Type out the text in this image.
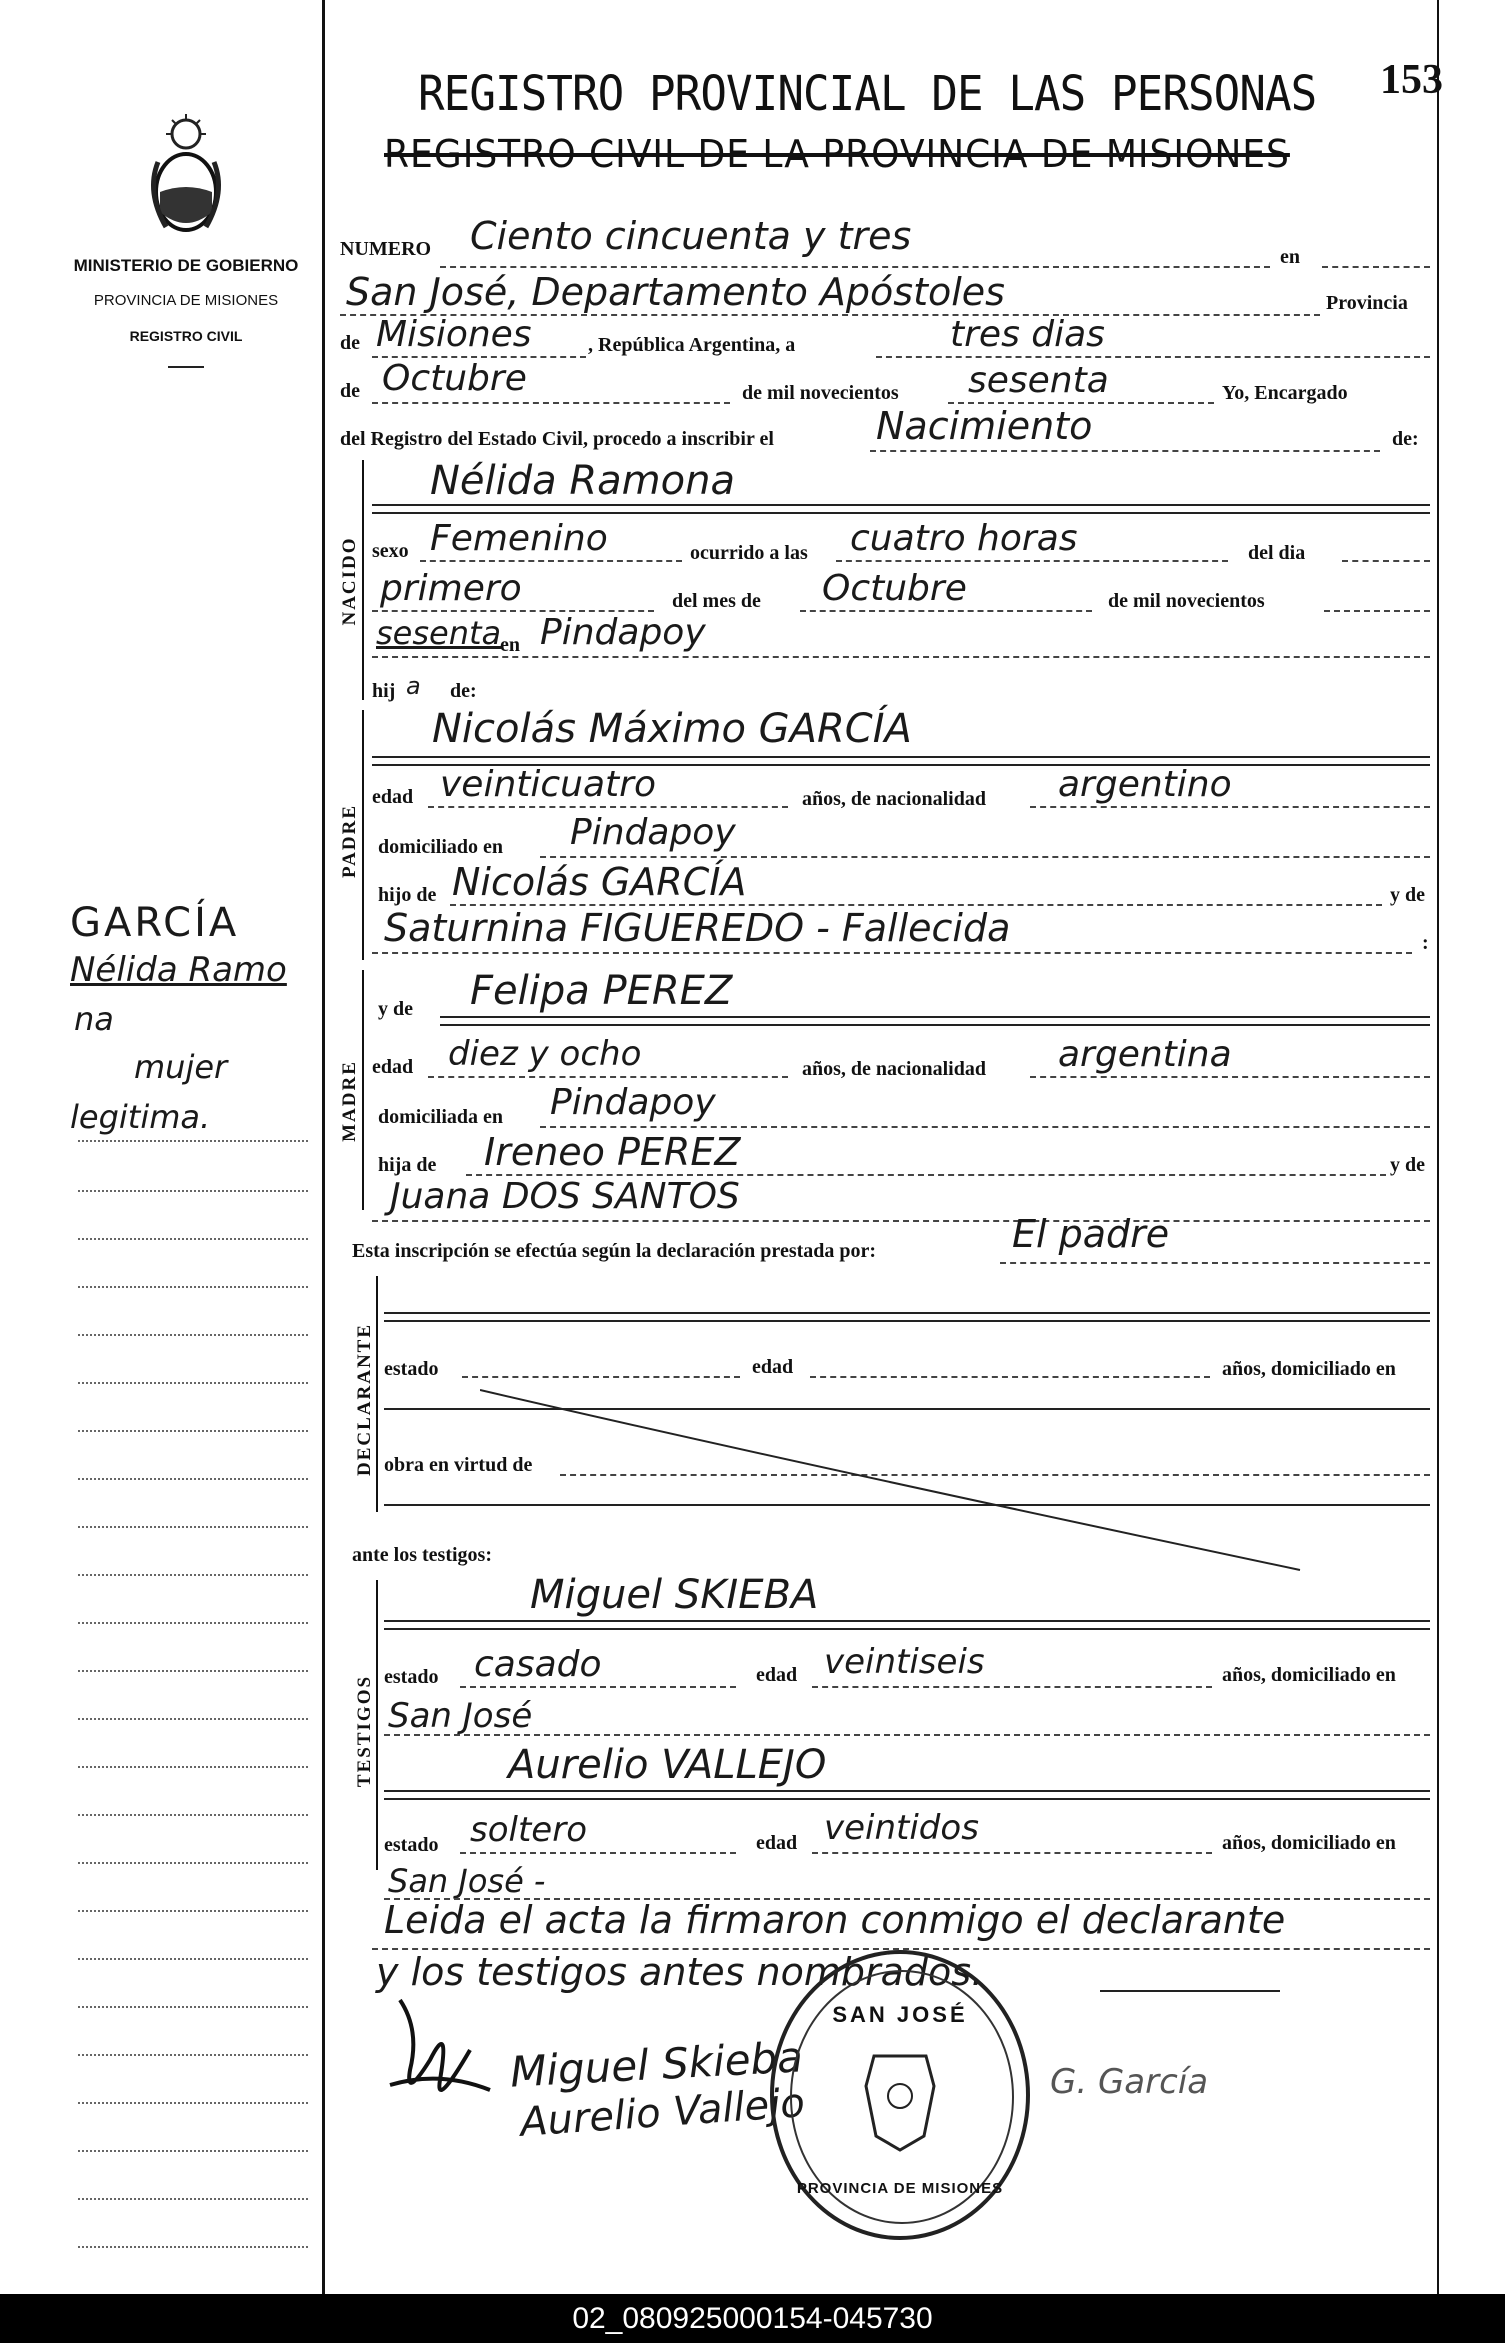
MINISTERIO DE GOBIERNO
PROVINCIA DE MISIONES
REGISTRO CIVIL
GARCÍA
Nélida Ramo
na
mujer
legitima.
REGISTRO PROVINCIAL DE LAS PERSONAS
REGISTRO CIVIL DE LA PROVINCIA DE MISIONES
153
NUMERO Ciento cincuenta y tres	en
San José, Departamento Apóstoles	Provincia
de Misiones	, República Argentina, a	tres dias
de Octubre	de mil novecientos sesenta	Yo, Encargado
del Registro del Estado Civil, procedo a inscribir el	Nacimiento	de:
NACIDO
Nélida Ramona
sexo Femenino	ocurrido a las cuatro horas	del dia
primero	del mes de Octubre	de mil novecientos
sesenta
en Pindapoy
hij a de:
PADRE
Nicolás Máximo GARCÍA
edad veinticuatro	años, de nacionalidad argentino
domiciliado en Pindapoy
hijo de Nicolás GARCÍA	y de
Saturnina FIGUEREDO - Fallecida	:
MADRE
y de Felipa PEREZ
edad diez y ocho	años, de nacionalidad argentina
domiciliada en Pindapoy
hija de Ireneo PEREZ	y de
Juana DOS SANTOS
Esta inscripción se efectúa según la declaración prestada por:	El padre
DECLARANTE estado	edad	años, domiciliado en
obra en virtud de
ante los testigos:
TESTIGOS
Miguel SKIEBA
estado casado	edad veintiseis	años, domiciliado en
San José
Aurelio VALLEJO
estado soltero	edad veintidos	años, domiciliado en
San José -
Leida el acta la firmaron conmigo el declarante
y los testigos antes nombrados.
Miguel Skieba
Aurelio Vallejo	G. García
SAN JOSÉ
PROVINCIA DE MISIONES
02_080925000154-045730
